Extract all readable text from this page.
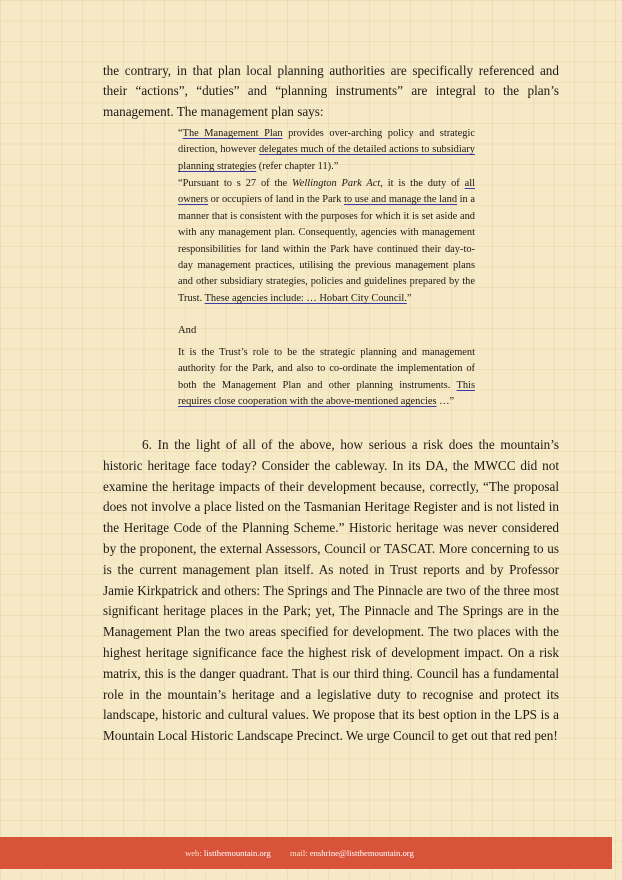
the contrary, in that plan local planning authorities are specifically referenced and their “actions”, “duties” and “planning instruments” are integral to the plan’s management. The management plan says:

“The Management Plan provides over-arching policy and strategic direction, however delegates much of the detailed actions to subsidiary planning strategies (refer chapter 11).”

“Pursuant to s 27 of the Wellington Park Act, it is the duty of all owners or occupiers of land in the Park to use and manage the land in a manner that is consistent with the purposes for which it is set aside and with any management plan. Consequently, agencies with management responsibilities for land within the Park have continued their day-to-day management practices, utilising the previous management plans and other subsidiary strategies, policies and guidelines prepared by the Trust. These agencies include: … Hobart City Council.”

And

It is the Trust’s role to be the strategic planning and management authority for the Park, and also to co-ordinate the implementation of both the Management Plan and other planning instruments. This requires close cooperation with the above-mentioned agencies …”

6. In the light of all of the above, how serious a risk does the mountain’s historic heritage face today? Consider the cableway. In its DA, the MWCC did not examine the heritage impacts of their development because, correctly, “The proposal does not involve a place listed on the Tasmanian Heritage Register and is not listed in the Heritage Code of the Planning Scheme.” Historic heritage was never considered by the proponent, the external Assessors, Council or TASCAT. More concerning to us is the current management plan itself. As noted in Trust reports and by Professor Jamie Kirkpatrick and others: The Springs and The Pinnacle are two of the three most significant heritage places in the Park; yet, The Pinnacle and The Springs are in the Management Plan the two areas specified for development. The two places with the highest heritage significance face the highest risk of development impact. On a risk matrix, this is the danger quadrant. That is our third thing. Council has a fundamental role in the mountain’s heritage and a legislative duty to recognise and protect its landscape, historic and cultural values. We propose that its best option in the LPS is a Mountain Local Historic Landscape Precinct. We urge Council to get out that red pen!

web: listthemountain.org mail: enshrine@listthemountain.org
